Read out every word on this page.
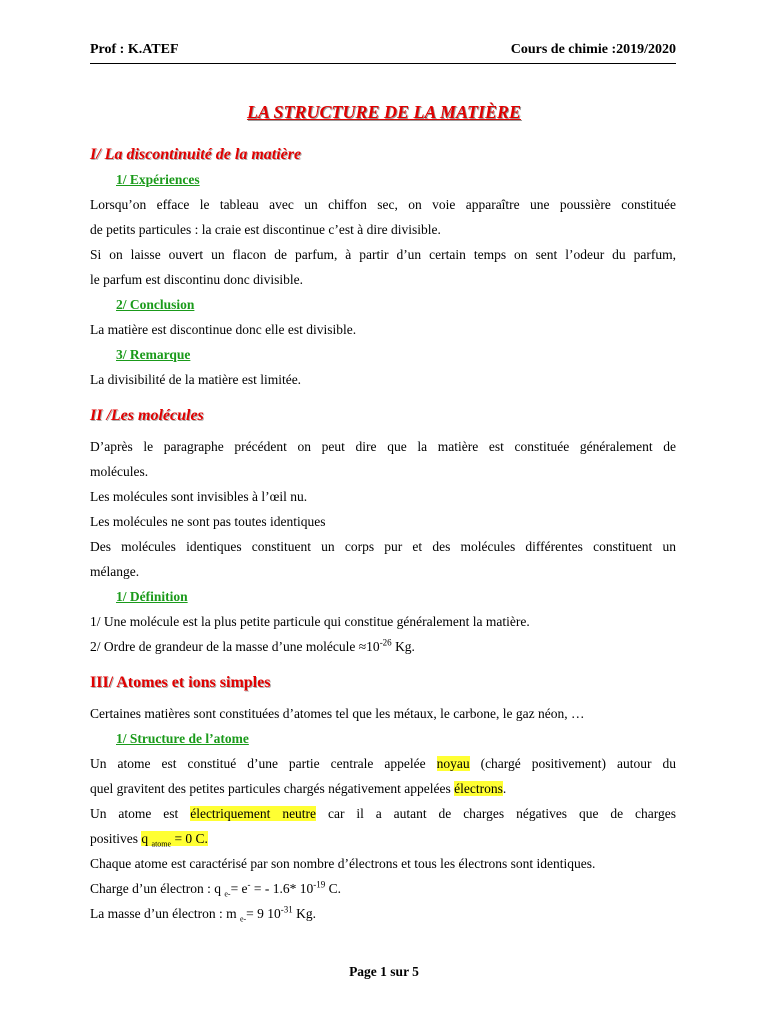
Prof : K.ATEF	Cours de chimie :2019/2020
LA STRUCTURE DE LA MATIÈRE
I/ La discontinuité de la matière
1/ Expériences

Lorsqu’on efface le tableau avec un chiffon sec, on voie apparaître une poussière constituée

de petits particules : la craie est discontinue c’est à dire divisible.

Si on laisse ouvert un flacon de parfum, à partir d’un certain temps on sent l’odeur du parfum,

le parfum est discontinu donc divisible.

2/ Conclusion

La matière est discontinue donc elle est divisible.

3/ Remarque

La divisibilité de la matière est limitée.

II /Les molécules

D’après le paragraphe précédent on peut dire que la matière est constituée généralement de

molécules.

Les molécules sont invisibles à l’œil nu.

Les molécules ne sont pas toutes identiques

Des molécules identiques constituent un corps pur et des molécules différentes constituent un

mélange.

1/ Définition

1/ Une molécule est la plus petite particule qui constitue généralement la matière.

2/ Ordre de grandeur de la masse d’une molécule $\approx 10^{-26}$ Kg.

III/ Atomes et ions simples

Certaines matières sont constituées d’atomes tel que les métaux, le carbone, le gaz néon, …

1/ Structure de l’atome

Un atome est constitué d’une partie centrale appelée noyau (chargé positivement) autour du

quel gravitent des petites particules chargés négativement appelées électrons.

Un atome est électriquement neutre car il a autant de charges négatives que de charges

positives q $_{atome}$ = 0 C.

Chaque atome est caractérisé par son nombre d’électrons et tous les électrons sont identiques.

Charge d’un électron : q $_{e-}$= e- = - 1.6* $10^{-19}$ C.

La masse d’un électron : m $_{e-}$= 9 $10^{-31}$ Kg.

Page 1 sur 5
